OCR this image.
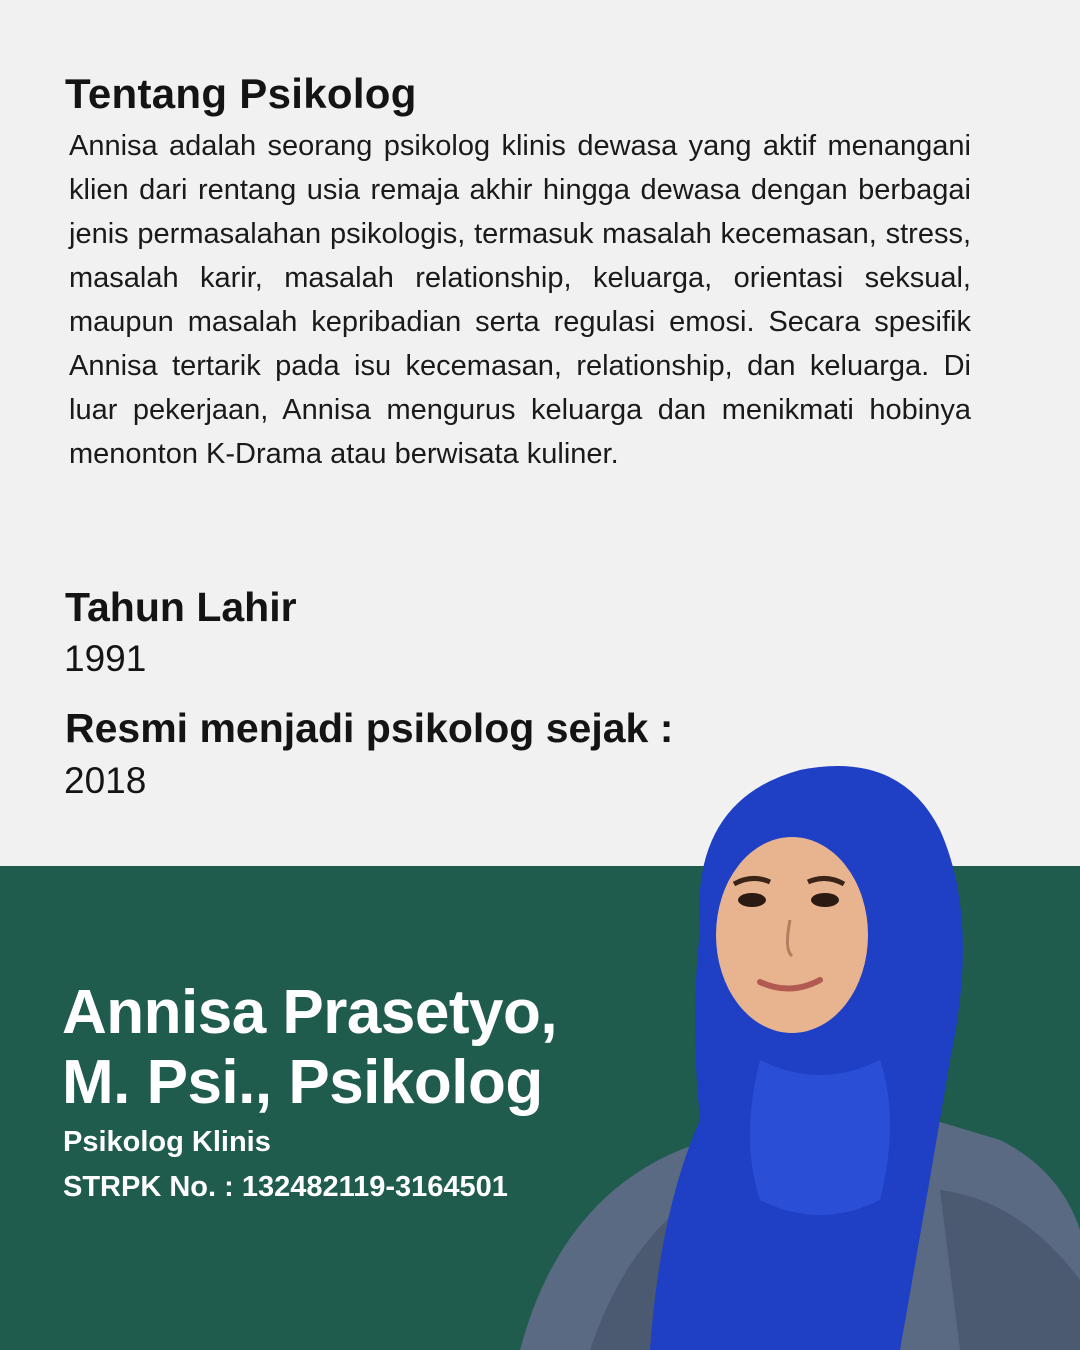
Tentang Psikolog

Annisa adalah seorang psikolog klinis dewasa yang aktif menangani klien dari rentang usia remaja akhir hingga dewasa dengan berbagai jenis permasalahan psikologis, termasuk masalah kecemasan, stress, masalah karir, masalah relationship, keluarga, orientasi seksual, maupun masalah kepribadian serta regulasi emosi. Secara spesifik Annisa tertarik pada isu kecemasan, relationship, dan keluarga. Di luar pekerjaan, Annisa mengurus keluarga dan menikmati hobinya menonton K-Drama atau berwisata kuliner.

Tahun Lahir

1991

Resmi menjadi psikolog sejak :

2018

Annisa Prasetyo,
M. Psi., Psikolog

Psikolog Klinis

STRPK No. : 132482119-3164501
